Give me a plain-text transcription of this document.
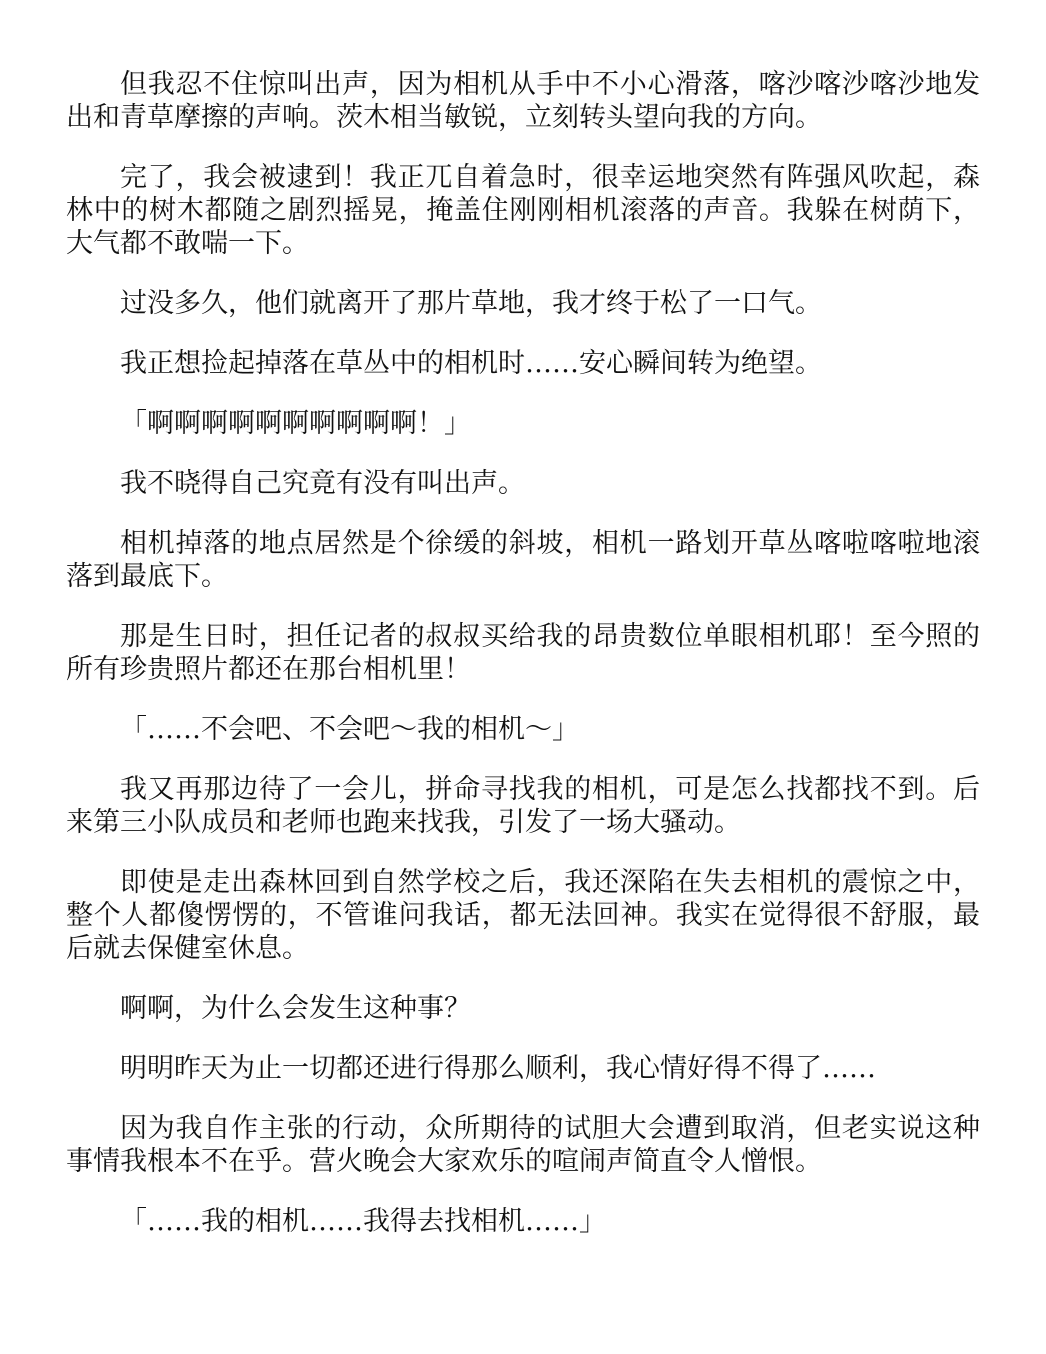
但我忍不住惊叫出声，因为相机从手中不小心滑落，喀沙喀沙喀沙地发出和青草摩擦的声响。茨木相当敏锐，立刻转头望向我的方向。

完了，我会被逮到！我正兀自着急时，很幸运地突然有阵强风吹起，森林中的树木都随之剧烈摇晃，掩盖住刚刚相机滚落的声音。我躲在树荫下，大气都不敢喘一下。

过没多久，他们就离开了那片草地，我才终于松了一口气。

我正想捡起掉落在草丛中的相机时……安心瞬间转为绝望。

「啊啊啊啊啊啊啊啊啊啊！」

我不晓得自己究竟有没有叫出声。

相机掉落的地点居然是个徐缓的斜坡，相机一路划开草丛喀啦喀啦地滚落到最底下。

那是生日时，担任记者的叔叔买给我的昂贵数位单眼相机耶！至今照的所有珍贵照片都还在那台相机里！

「……不会吧、不会吧～我的相机～」

我又再那边待了一会儿，拼命寻找我的相机，可是怎么找都找不到。后来第三小队成员和老师也跑来找我，引发了一场大骚动。

即使是走出森林回到自然学校之后，我还深陷在失去相机的震惊之中，整个人都傻愣愣的，不管谁问我话，都无法回神。我实在觉得很不舒服，最后就去保健室休息。

啊啊，为什么会发生这种事？

明明昨天为止一切都还进行得那么顺利，我心情好得不得了……

因为我自作主张的行动，众所期待的试胆大会遭到取消，但老实说这种事情我根本不在乎。营火晚会大家欢乐的喧闹声简直令人憎恨。

「……我的相机……我得去找相机……」
